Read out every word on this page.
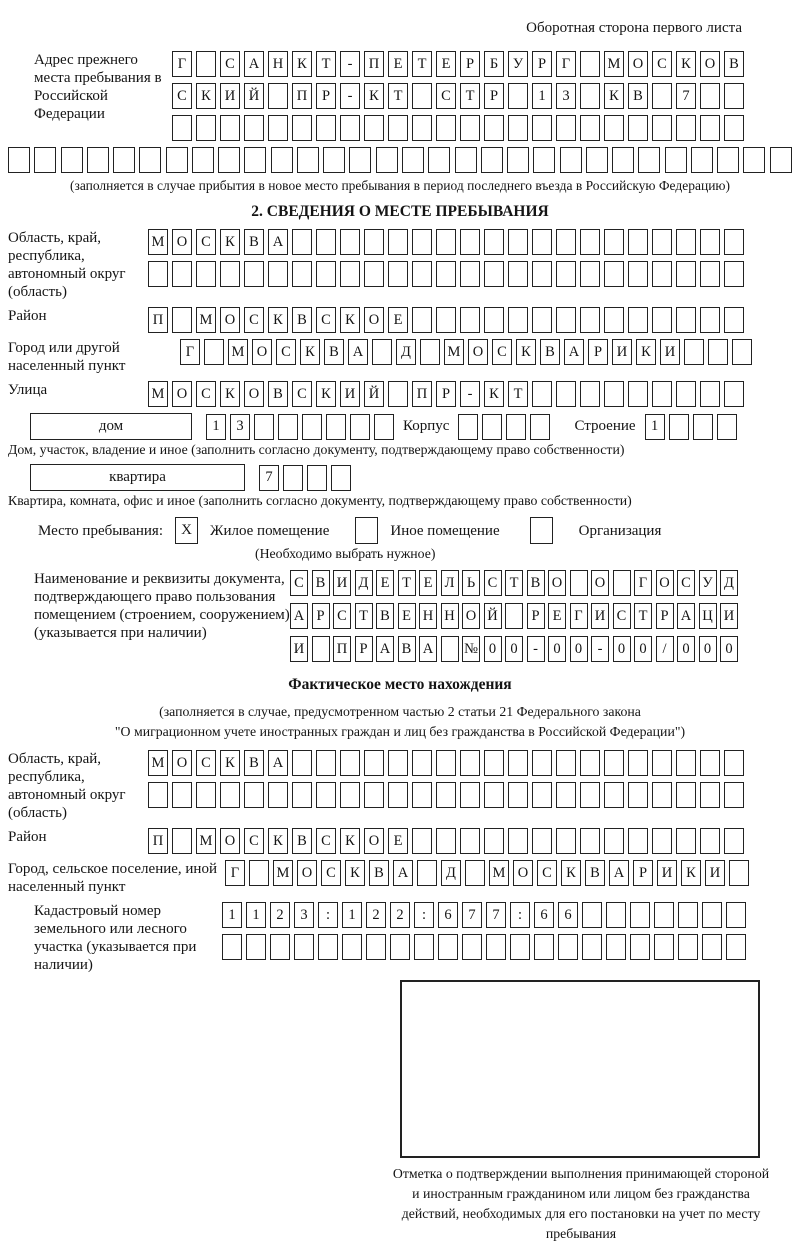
Оборотная сторона первого листа
Адрес прежнего места пребывания в Российской Федерации
Г	С А Н К	Т	-	П Е	Т	Е	Р	Б	У	Р	Г	М О С К О В
С К И Й	П	Р	-	К	Т	С	Т	Р	1	3	К В	7
(заполняется в случае прибытия в новое место пребывания в период последнего въезда в Российскую Федерацию)
2. СВЕДЕНИЯ О МЕСТЕ ПРЕБЫВАНИЯ
Область, край, республика, автономный округ (область)
М О С К В А
Район	П	М О С К В С К О Е
Город или другой населенный пункт
Г	М О С К В А	Д	М О С К В А	Р	И К И
Улица	М О С К О В С К И Й	П	Р	-	К	Т
дом	1	3	Корпус	Строение	1
Дом, участок, владение и иное (заполнить согласно документу, подтверждающему право собственности)
квартира	7
Квартира, комната, офис и иное (заполнить согласно документу, подтверждающему право собственности)
Место пребывания:	X	Жилое помещение	Иное помещение	Организация
(Необходимо выбрать нужное)
Наименование и реквизиты документа, подтверждающего право пользования помещением (строением, сооружением) (указывается при наличии)
С В И Д Е Т Е Л Ь С Т В О О	Г О С У Д
А Р С Т В Е Н Н О Й	Р Е Г И С Т Р А Ц И
И П Р А В А № 0 0	-	0 0	-	0 0	/	0 0 0
Фактическое место нахождения
(заполняется в случае, предусмотренном частью 2 статьи 21 Федерального закона
"О миграционном учете иностранных граждан и лиц без гражданства в Российской Федерации")
Область, край, республика, автономный округ (область)
М О С К В А
Район	П	М О С К В С К О Е
Город, сельское поселение, иной населенный пункт
Г	М О С К В А	Д	М О С К В А	Р	И К И
Кадастровый номер земельного или лесного участка (указывается при наличии)
1	1	2	3	:	1	2	2	:	6	7	7	:	6	6
Отметка о подтверждении выполнения принимающей стороной и иностранным гражданином или лицом без гражданства действий, необходимых для его постановки на учет по месту пребывания
